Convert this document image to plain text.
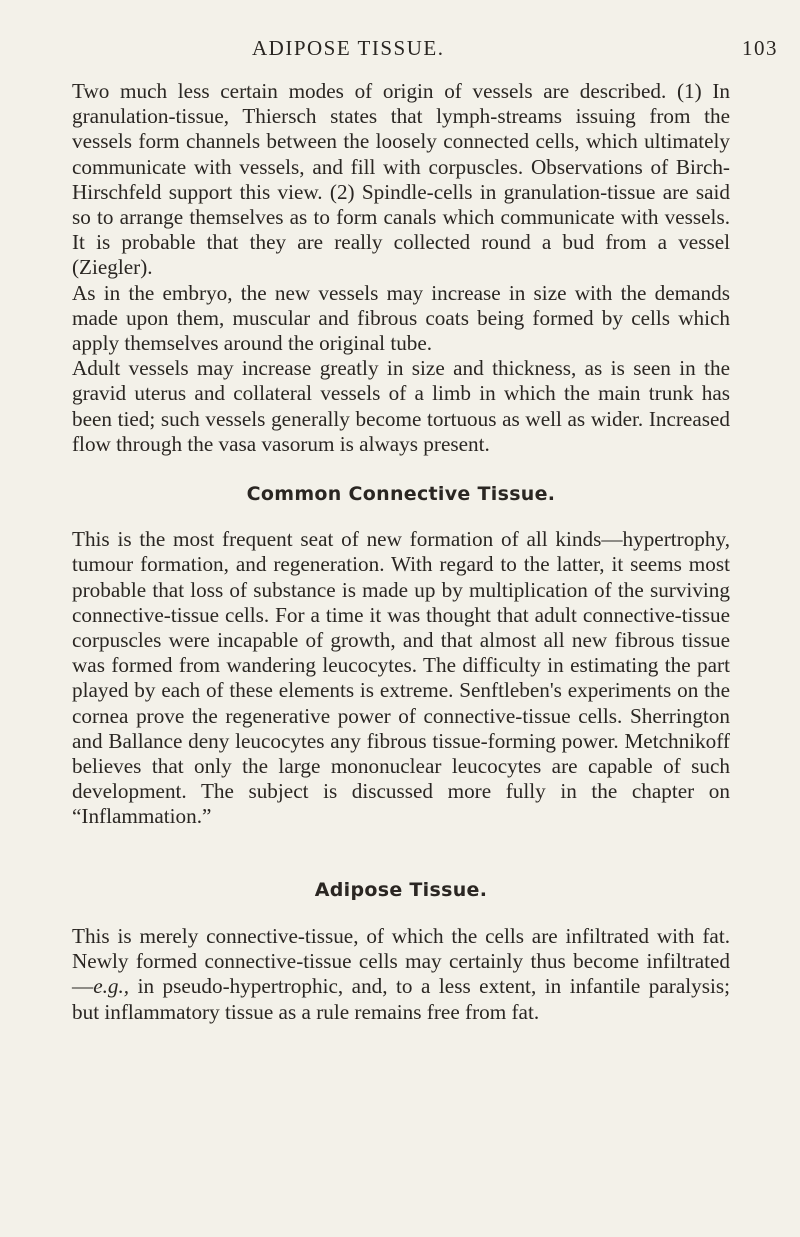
ADIPOSE TISSUE.	103

Two much less certain modes of origin of vessels are described. (1) In granulation-tissue, Thiersch states that lymph-streams issuing from the vessels form channels between the loosely connected cells, which ultimately communicate with vessels, and fill with corpuscles. Observations of Birch-Hirschfeld support this view. (2) Spindle-cells in granulation-tissue are said so to arrange themselves as to form canals which communicate with vessels. It is probable that they are really collected round a bud from a vessel (Ziegler).

As in the embryo, the new vessels may increase in size with the demands made upon them, muscular and fibrous coats being formed by cells which apply themselves around the original tube.

Adult vessels may increase greatly in size and thickness, as is seen in the gravid uterus and collateral vessels of a limb in which the main trunk has been tied; such vessels generally become tortuous as well as wider. Increased flow through the vasa vasorum is always present.

Common Connective Tissue.

This is the most frequent seat of new formation of all kinds—hypertrophy, tumour formation, and regeneration. With regard to the latter, it seems most probable that loss of substance is made up by multiplication of the surviving connective-tissue cells. For a time it was thought that adult connective-tissue corpuscles were incapable of growth, and that almost all new fibrous tissue was formed from wandering leucocytes. The difficulty in estimating the part played by each of these elements is extreme. Senftleben's experiments on the cornea prove the regenerative power of connective-tissue cells. Sherrington and Ballance deny leucocytes any fibrous tissue-forming power. Metchnikoff believes that only the large mononuclear leucocytes are capable of such development. The subject is discussed more fully in the chapter on “Inflammation.”

Adipose Tissue.

This is merely connective-tissue, of which the cells are infiltrated with fat. Newly formed connective-tissue cells may certainly thus become infiltrated—e.g., in pseudo-hypertrophic, and, to a less extent, in infantile paralysis; but inflammatory tissue as a rule remains free from fat.
